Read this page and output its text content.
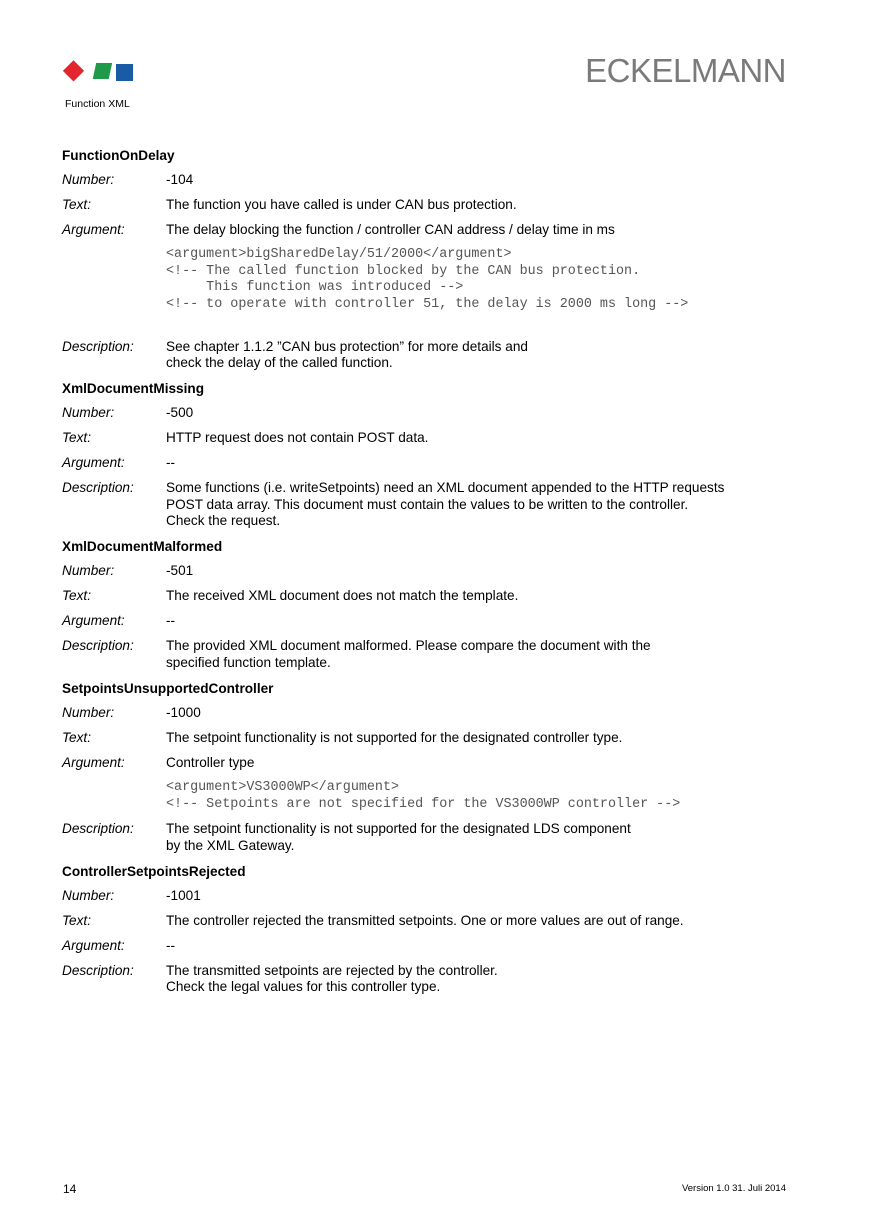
ECKELMANN
Function XML
FunctionOnDelay
Number:	-104
Text:	The function you have called is under CAN bus protection.
Argument:	The delay blocking the function / controller CAN address / delay time in ms
<argument>bigSharedDelay/51/2000</argument>
<!-- The called function blocked by the CAN bus protection.
This function was introduced -->
<!-- to operate with controller 51, the delay is 2000 ms long -->
Description:	See chapter 1.1.2 ”CAN bus protection” for more details and
check the delay of the called function.
XmlDocumentMissing
Number:	-500
Text:	HTTP request does not contain POST data.
Argument:	--
Description:	Some functions (i.e. writeSetpoints) need an XML document appended to the HTTP requests
POST data array. This document must contain the values to be written to the controller.
Check the request.
XmlDocumentMalformed
Number:	-501
Text:	The received XML document does not match the template.
Argument:	--
Description:	The provided XML document malformed. Please compare the document with the
specified function template.
SetpointsUnsupportedController
Number:	-1000
Text:	The setpoint functionality is not supported for the designated controller type.
Argument:	Controller type
<argument>VS3000WP</argument>
<!-- Setpoints are not specified for the VS3000WP controller -->
Description:	The setpoint functionality is not supported for the designated LDS component
by the XML Gateway.
ControllerSetpointsRejected
Number:	-1001
Text:	The controller rejected the transmitted setpoints. One or more values are out of range.
Argument:	--
Description:	The transmitted setpoints are rejected by the controller.
Check the legal values for this controller type.
14	Version 1.0 31. Juli 2014
